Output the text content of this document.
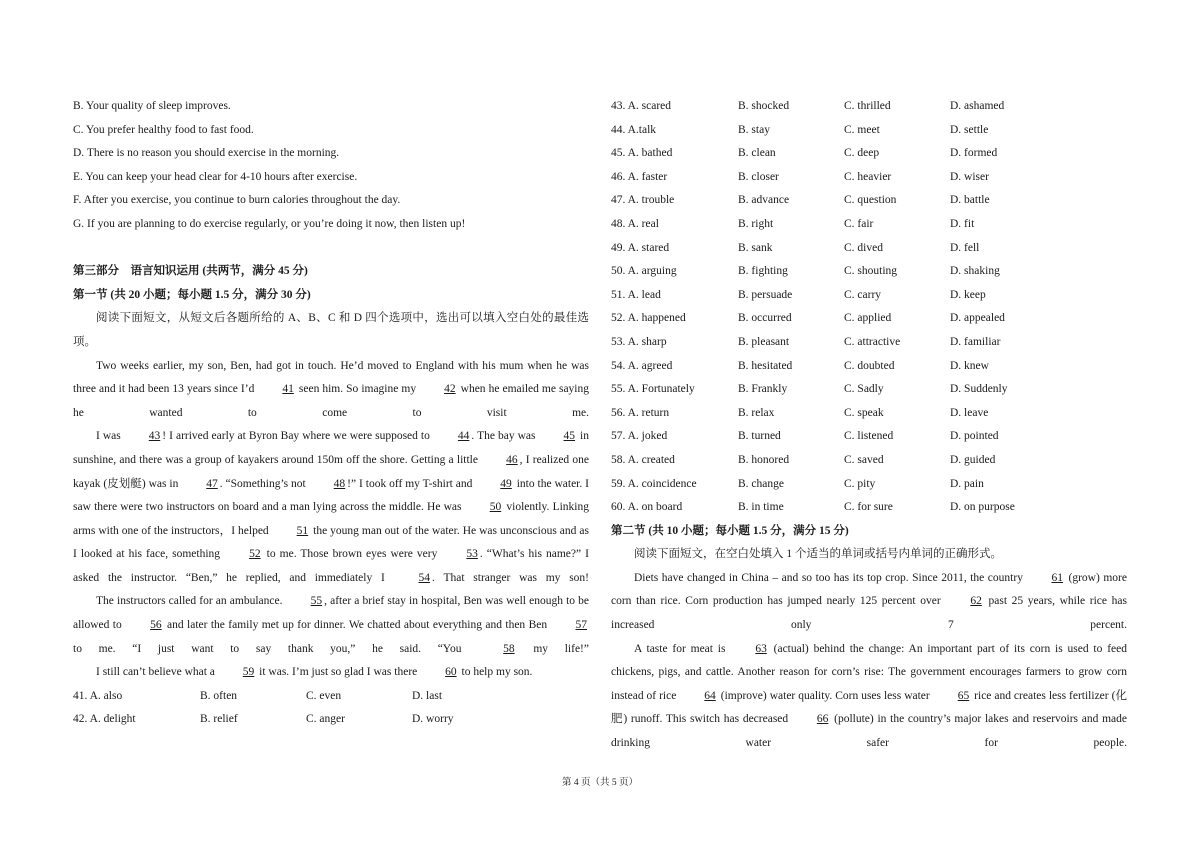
B. Your quality of sleep improves.
C. You prefer healthy food to fast food.
D. There is no reason you should exercise in the morning.
E. You can keep your head clear for 4-10 hours after exercise.
F. After you exercise, you continue to burn calories throughout the day.
G. If you are planning to do exercise regularly, or you’re doing it now, then listen up!
第三部分　语言知识运用 (共两节，满分 45 分)
第一节 (共 20 小题；每小题 1.5 分，满分 30 分)
阅读下面短文，从短文后各题所给的 A、B、C 和 D 四个选项中，选出可以填入空白处的最佳选项。
Two weeks earlier, my son, Ben, had got in touch. He’d moved to England with his mum when he was three and it had been 13 years since I’d 41 seen him. So imagine my 42 when he emailed me saying he wanted to come to visit me.
I was 43 ! I arrived early at Byron Bay where we were supposed to 44 . The bay was 45 in sunshine, and there was a group of kayakers around 150m off the shore. Getting a little 46 , I realized one kayak (皮划艇) was in 47 . “Something’s not 48 !” I took off my T-shirt and 49 into the water. I saw there were two instructors on board and a man lying across the middle. He was 50 violently. Linking arms with one of the instructors，I helped 51 the young man out of the water. He was unconscious and as I looked at his face, something 52 to me. Those brown eyes were very 53 . “What’s his name?” I asked the instructor. “Ben,” he replied, and immediately I 54 . That stranger was my son!
The instructors called for an ambulance. 55 , after a brief stay in hospital, Ben was well enough to be allowed to 56 and later the family met up for dinner. We chatted about everything and then Ben 57 to me. “I just want to say thank you,” he said. “You 58 my life!”
I still can’t believe what a 59 it was. I’m just so glad I was there 60 to help my son.
41. A. also	B. often	C. even	D. last
42. A. delight	B. relief	C. anger	D. worry
43. A. scared	B. shocked	C. thrilled	D. ashamed
44. A.talk	B. stay	C. meet	D. settle
45. A. bathed	B. clean	C. deep	D. formed
46. A. faster	B. closer	C. heavier	D. wiser
47. A. trouble	B. advance	C. question	D. battle
48. A. real	B. right	C. fair	D. fit
49. A. stared	B. sank	C. dived	D. fell
50. A. arguing	B. fighting	C. shouting	D. shaking
51. A. lead	B. persuade	C. carry	D. keep
52. A. happened	B. occurred	C. applied	D. appealed
53. A. sharp	B. pleasant	C. attractive	D. familiar
54. A. agreed	B. hesitated	C. doubted	D. knew
55. A. Fortunately	B. Frankly	C. Sadly	D. Suddenly
56. A. return	B. relax	C. speak	D. leave
57. A. joked	B. turned	C. listened	D. pointed
58. A. created	B. honored	C. saved	D. guided
59. A. coincidence	B. change	C. pity	D. pain
60. A. on board	B. in time	C. for sure	D. on purpose
第二节 (共 10 小题；每小题 1.5 分，满分 15 分)
阅读下面短文，在空白处填入 1 个适当的单词或括号内单词的正确形式。
Diets have changed in China – and so too has its top crop. Since 2011, the country 61 (grow) more corn than rice. Corn production has jumped nearly 125 percent over 62 past 25 years, while rice has increased only 7 percent.
A taste for meat is 63 (actual) behind the change: An important part of its corn is used to feed chickens, pigs, and cattle. Another reason for corn’s rise: The government encourages farmers to grow corn instead of rice 64 (improve) water quality. Corn uses less water 65 rice and creates less fertilizer (化肥) runoff. This switch has decreased 66 (pollute) in the country’s major lakes and reservoirs and made drinking water safer for people.
第 4 页（共 5 页）
